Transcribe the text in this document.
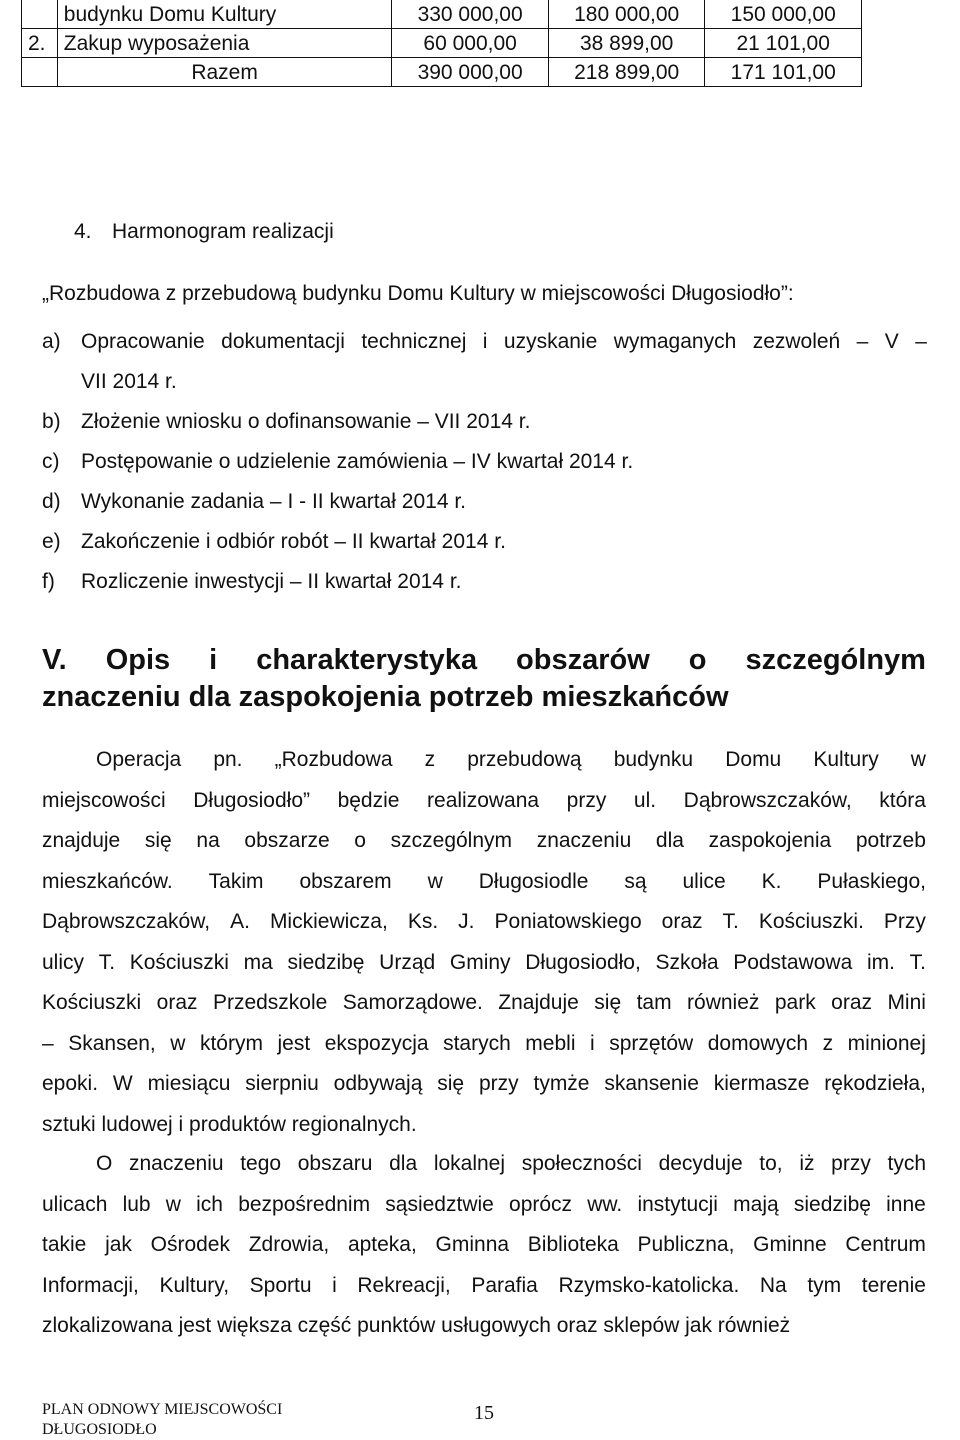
	budynku Domu Kultury	330 000,00	180 000,00	150 000,00
2.	Zakup wyposażenia	60 000,00	38 899,00	21 101,00
	Razem	390 000,00	218 899,00	171 101,00
4. Harmonogram realizacji
„Rozbudowa z przebudową budynku Domu Kultury w miejscowości Długosiodło”:
a) Opracowanie dokumentacji technicznej i uzyskanie wymaganych zezwoleń – V –
VII 2014 r.
b) Złożenie wniosku o dofinansowanie – VII 2014 r.
c) Postępowanie o udzielenie zamówienia – IV kwartał 2014 r.
d) Wykonanie zadania – I - II kwartał 2014 r.
e) Zakończenie i odbiór robót – II kwartał 2014 r.
f) Rozliczenie inwestycji – II kwartał 2014 r.
V. Opis i charakterystyka obszarów o szczególnym
znaczeniu dla zaspokojenia potrzeb mieszkańców
Operacja pn. „Rozbudowa z przebudową budynku Domu Kultury w
miejscowości Długosiodło” będzie realizowana przy ul. Dąbrowszczaków, która
znajduje się na obszarze o szczególnym znaczeniu dla zaspokojenia potrzeb
mieszkańców. Takim obszarem w Długosiodle są ulice K. Pułaskiego,
Dąbrowszczaków, A. Mickiewicza, Ks. J. Poniatowskiego oraz T. Kościuszki. Przy
ulicy T. Kościuszki ma siedzibę Urząd Gminy Długosiodło, Szkoła Podstawowa im. T.
Kościuszki oraz Przedszkole Samorządowe. Znajduje się tam również park oraz Mini
– Skansen, w którym jest ekspozycja starych mebli i sprzętów domowych z minionej
epoki. W miesiącu sierpniu odbywają się przy tymże skansenie kiermasze rękodzieła,
sztuki ludowej i produktów regionalnych.
O znaczeniu tego obszaru dla lokalnej społeczności decyduje to, iż przy tych
ulicach lub w ich bezpośrednim sąsiedztwie oprócz ww. instytucji mają siedzibę inne
takie jak Ośrodek Zdrowia, apteka, Gminna Biblioteka Publiczna, Gminne Centrum
Informacji, Kultury, Sportu i Rekreacji, Parafia Rzymsko-katolicka. Na tym terenie
zlokalizowana jest większa część punktów usługowych oraz sklepów jak również
PLAN ODNOWY MIEJSCOWOŚCI
DŁUGOSIODŁO
15
